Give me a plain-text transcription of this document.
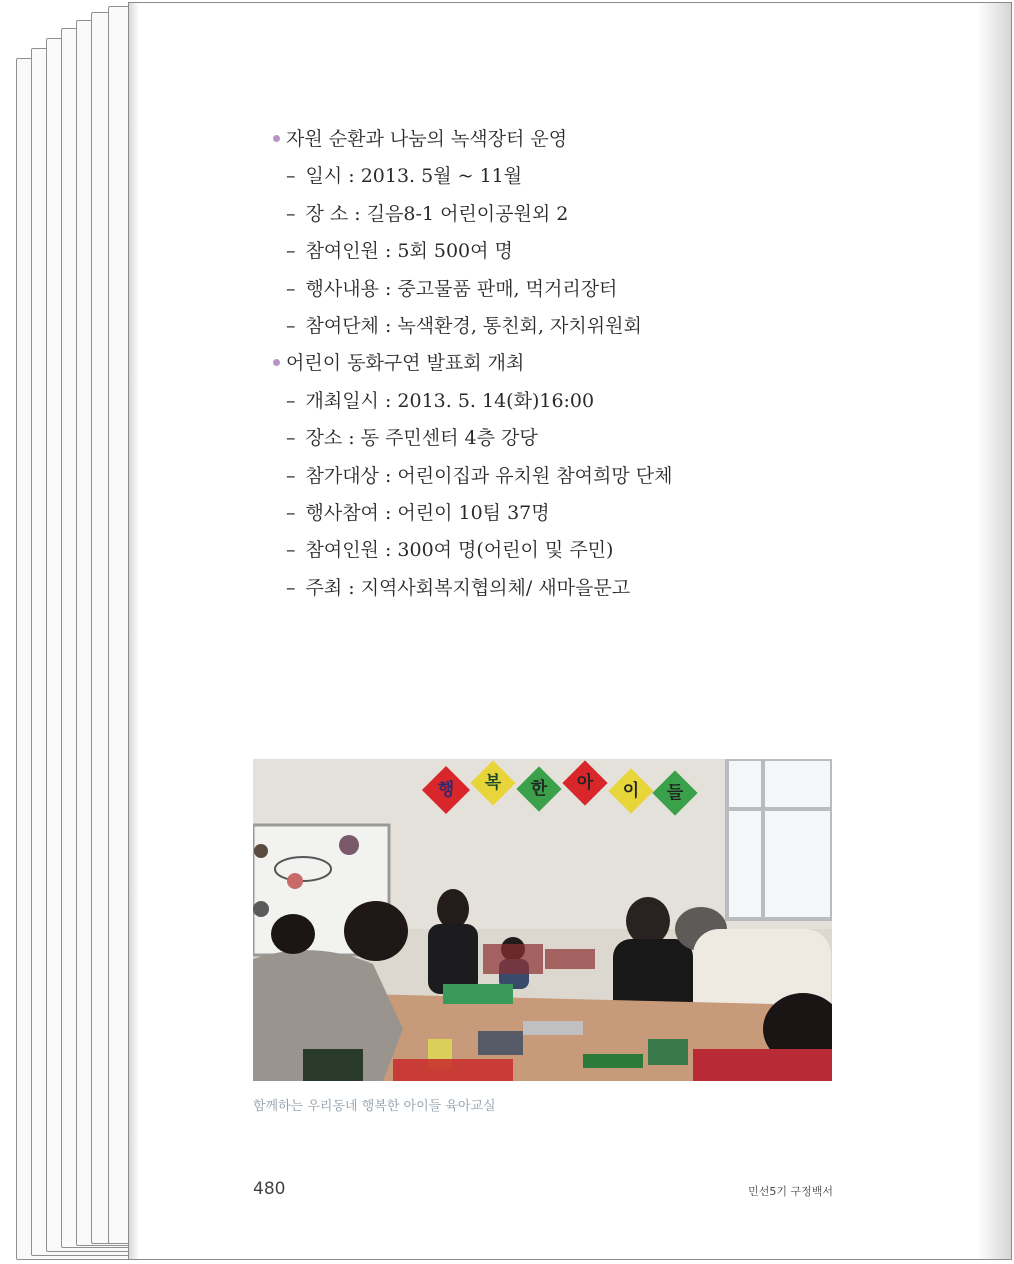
자원 순환과 나눔의 녹색장터 운영
– 일시 : 2013. 5월 ~ 11월
– 장 소 : 길음8-1 어린이공원외 2
– 참여인원 : 5회 500여 명
– 행사내용 : 중고물품 판매, 먹거리장터
– 참여단체 : 녹색환경, 통친회, 자치위원회
어린이 동화구연 발표회 개최
– 개최일시 : 2013. 5. 14(화)16:00
– 장소 : 동 주민센터 4층 강당
– 참가대상 : 어린이집과 유치원 참여희망 단체
– 행사참여 : 어린이 10팀 37명
– 참여인원 : 300여 명(어린이 및 주민)
– 주최 : 지역사회복지협의체/ 새마을문고
행	복	한	아	이	들
함께하는 우리동네 행복한 아이들 육아교실
480	민선5기 구정백서
